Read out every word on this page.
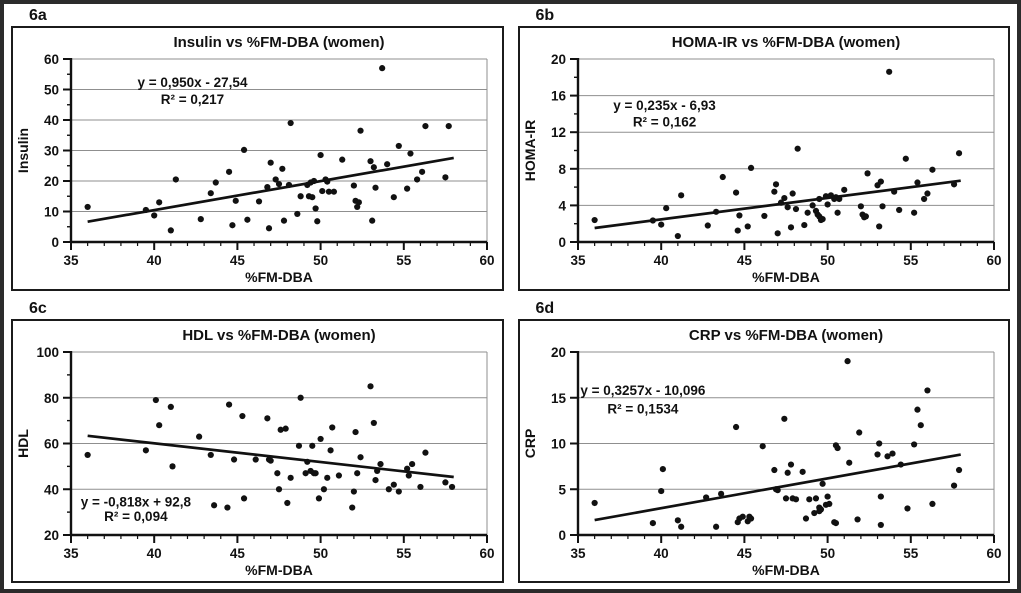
6a
0
10
20
30
40
50
60
35	40	45	50	55	60
Insulin vs %FM-DBA (women)
%FM-DBA
Insulin
y = 0,950x - 27,54
R² = 0,217
6b
0
4
8
12
16
20
35	40	45	50	55	60
HOMA-IR vs %FM-DBA (women)
%FM-DBA
HOMA-IR
y = 0,235x - 6,93
R² = 0,162
6c
20
40
60
80
100
35	40	45	50	55	60
HDL vs %FM-DBA (women)
%FM-DBA
HDL
y = -0,818x + 92,8
R² = 0,094
6d
0
5
10
15
20
35	40	45	50	55	60
CRP vs %FM-DBA (women)
%FM-DBA
CRP
y = 0,3257x - 10,096
R² = 0,1534
